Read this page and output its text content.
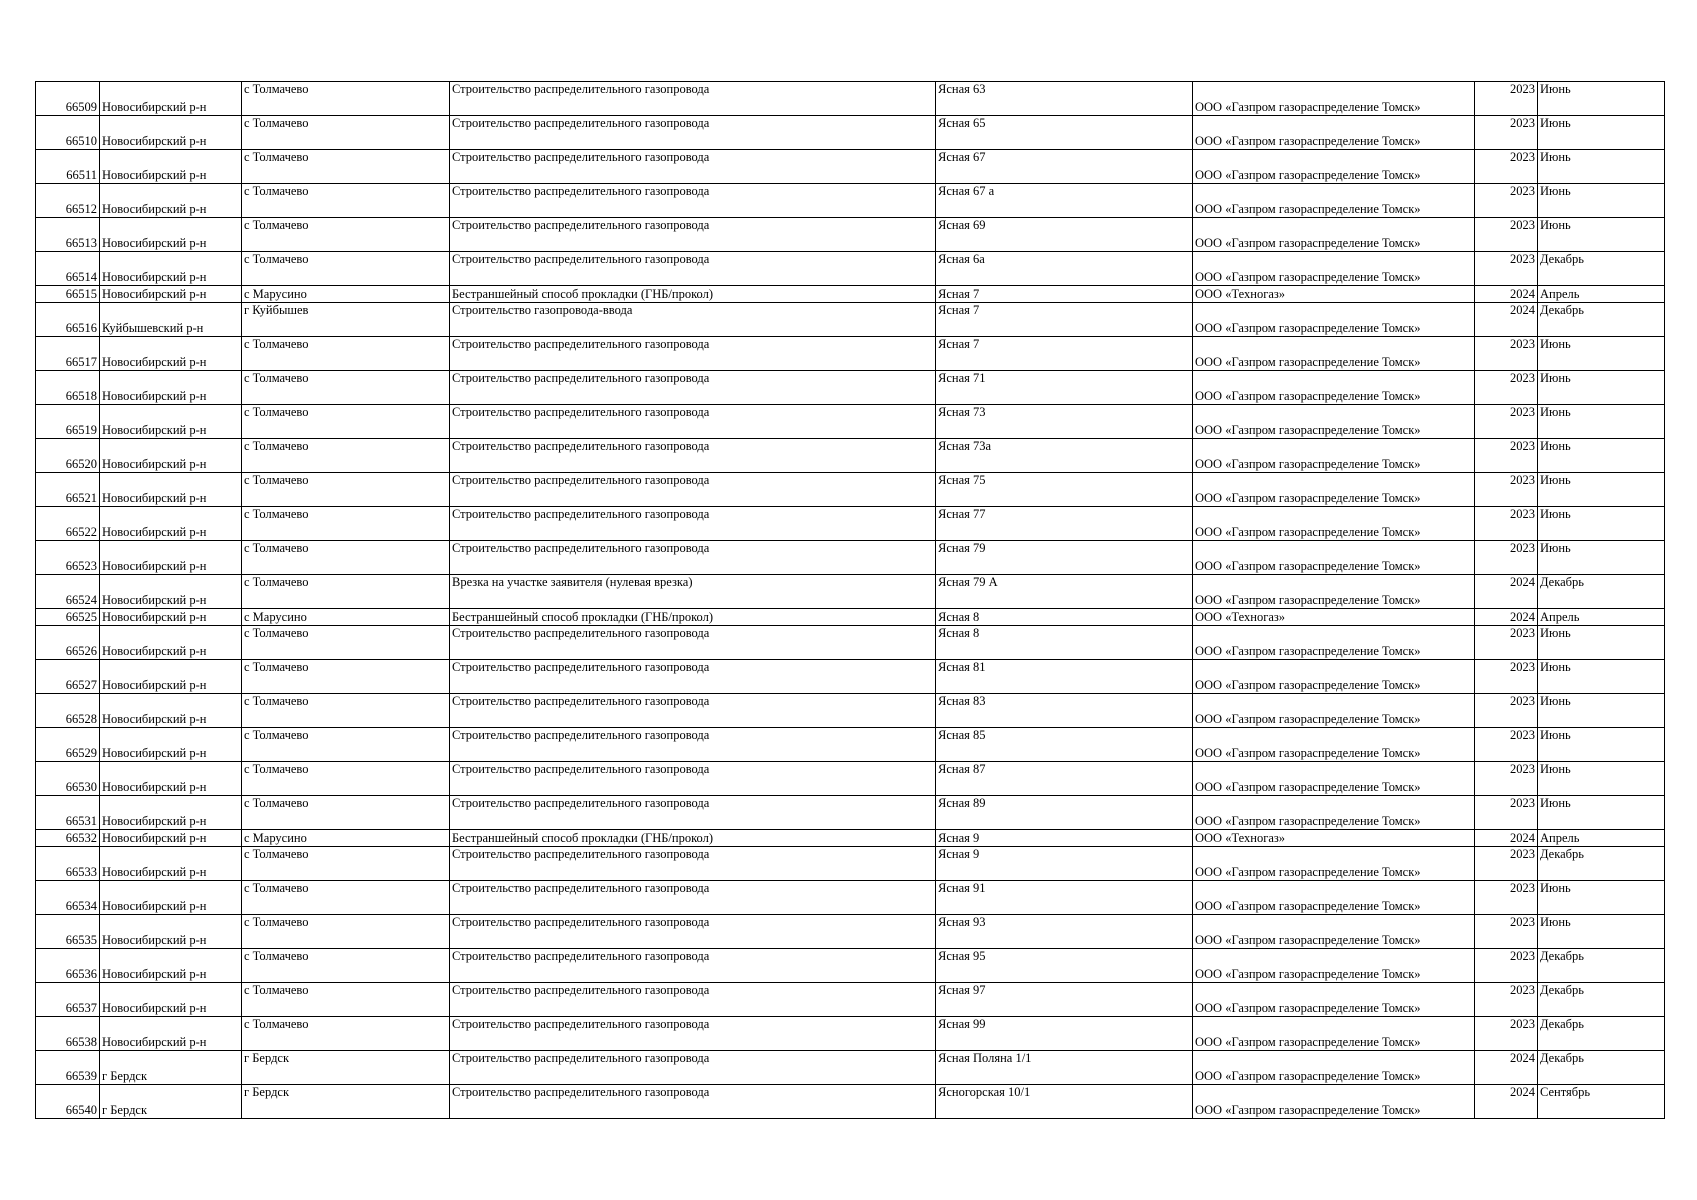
66509	Новосибирский р-н	с Толмачево	Строительство распределительного газопровода	Ясная 63	ООО «Газпром газораспределение Томск»	2023	Июнь
66510	Новосибирский р-н	с Толмачево	Строительство распределительного газопровода	Ясная 65	ООО «Газпром газораспределение Томск»	2023	Июнь
66511	Новосибирский р-н	с Толмачево	Строительство распределительного газопровода	Ясная 67	ООО «Газпром газораспределение Томск»	2023	Июнь
66512	Новосибирский р-н	с Толмачево	Строительство распределительного газопровода	Ясная 67 а	ООО «Газпром газораспределение Томск»	2023	Июнь
66513	Новосибирский р-н	с Толмачево	Строительство распределительного газопровода	Ясная 69	ООО «Газпром газораспределение Томск»	2023	Июнь
66514	Новосибирский р-н	с Толмачево	Строительство распределительного газопровода	Ясная 6а	ООО «Газпром газораспределение Томск»	2023	Декабрь
66515	Новосибирский р-н	с Марусино	Бестраншейный способ прокладки (ГНБ/прокол)	Ясная 7	ООО «Техногаз»	2024	Апрель
66516	Куйбышевский р-н	г Куйбышев	Строительство газопровода-ввода	Ясная 7	ООО «Газпром газораспределение Томск»	2024	Декабрь
66517	Новосибирский р-н	с Толмачево	Строительство распределительного газопровода	Ясная 7	ООО «Газпром газораспределение Томск»	2023	Июнь
66518	Новосибирский р-н	с Толмачево	Строительство распределительного газопровода	Ясная 71	ООО «Газпром газораспределение Томск»	2023	Июнь
66519	Новосибирский р-н	с Толмачево	Строительство распределительного газопровода	Ясная 73	ООО «Газпром газораспределение Томск»	2023	Июнь
66520	Новосибирский р-н	с Толмачево	Строительство распределительного газопровода	Ясная 73а	ООО «Газпром газораспределение Томск»	2023	Июнь
66521	Новосибирский р-н	с Толмачево	Строительство распределительного газопровода	Ясная 75	ООО «Газпром газораспределение Томск»	2023	Июнь
66522	Новосибирский р-н	с Толмачево	Строительство распределительного газопровода	Ясная 77	ООО «Газпром газораспределение Томск»	2023	Июнь
66523	Новосибирский р-н	с Толмачево	Строительство распределительного газопровода	Ясная 79	ООО «Газпром газораспределение Томск»	2023	Июнь
66524	Новосибирский р-н	с Толмачево	Врезка на участке заявителя (нулевая врезка)	Ясная 79 А	ООО «Газпром газораспределение Томск»	2024	Декабрь
66525	Новосибирский р-н	с Марусино	Бестраншейный способ прокладки (ГНБ/прокол)	Ясная 8	ООО «Техногаз»	2024	Апрель
66526	Новосибирский р-н	с Толмачево	Строительство распределительного газопровода	Ясная 8	ООО «Газпром газораспределение Томск»	2023	Июнь
66527	Новосибирский р-н	с Толмачево	Строительство распределительного газопровода	Ясная 81	ООО «Газпром газораспределение Томск»	2023	Июнь
66528	Новосибирский р-н	с Толмачево	Строительство распределительного газопровода	Ясная 83	ООО «Газпром газораспределение Томск»	2023	Июнь
66529	Новосибирский р-н	с Толмачево	Строительство распределительного газопровода	Ясная 85	ООО «Газпром газораспределение Томск»	2023	Июнь
66530	Новосибирский р-н	с Толмачево	Строительство распределительного газопровода	Ясная 87	ООО «Газпром газораспределение Томск»	2023	Июнь
66531	Новосибирский р-н	с Толмачево	Строительство распределительного газопровода	Ясная 89	ООО «Газпром газораспределение Томск»	2023	Июнь
66532	Новосибирский р-н	с Марусино	Бестраншейный способ прокладки (ГНБ/прокол)	Ясная 9	ООО «Техногаз»	2024	Апрель
66533	Новосибирский р-н	с Толмачево	Строительство распределительного газопровода	Ясная 9	ООО «Газпром газораспределение Томск»	2023	Декабрь
66534	Новосибирский р-н	с Толмачево	Строительство распределительного газопровода	Ясная 91	ООО «Газпром газораспределение Томск»	2023	Июнь
66535	Новосибирский р-н	с Толмачево	Строительство распределительного газопровода	Ясная 93	ООО «Газпром газораспределение Томск»	2023	Июнь
66536	Новосибирский р-н	с Толмачево	Строительство распределительного газопровода	Ясная 95	ООО «Газпром газораспределение Томск»	2023	Декабрь
66537	Новосибирский р-н	с Толмачево	Строительство распределительного газопровода	Ясная 97	ООО «Газпром газораспределение Томск»	2023	Декабрь
66538	Новосибирский р-н	с Толмачево	Строительство распределительного газопровода	Ясная 99	ООО «Газпром газораспределение Томск»	2023	Декабрь
66539	г Бердск	г Бердск	Строительство распределительного газопровода	Ясная Поляна 1/1	ООО «Газпром газораспределение Томск»	2024	Декабрь
66540	г Бердск	г Бердск	Строительство распределительного газопровода	Ясногорская 10/1	ООО «Газпром газораспределение Томск»	2024	Сентябрь
